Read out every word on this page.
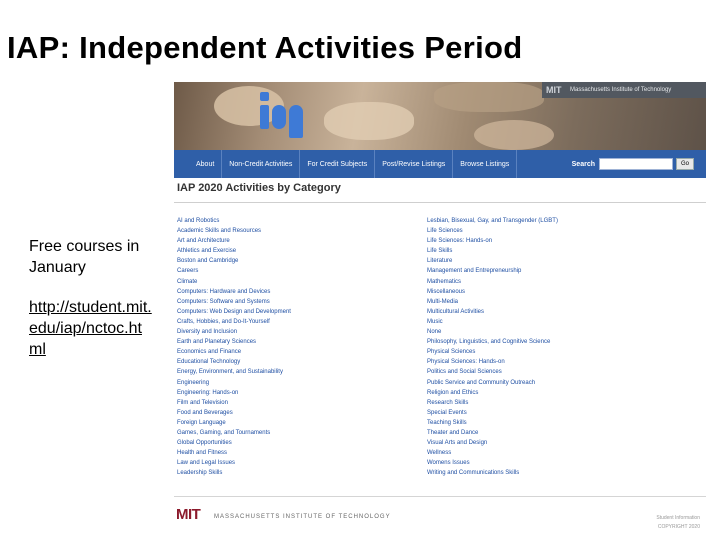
IAP: Independent Activities Period
Free courses in January
http://student.mit.edu/iap/nctoc.html
MIT Massachusetts Institute of Technology
About	Non-Credit Activities	For Credit Subjects	Post/Revise Listings	Browse Listings	Search	Go
IAP 2020 Activities by Category
AI and Robotics
Academic Skills and Resources
Art and Architecture
Athletics and Exercise
Boston and Cambridge
Careers
Climate
Computers: Hardware and Devices
Computers: Software and Systems
Computers: Web Design and Development
Crafts, Hobbies, and Do-It-Yourself
Diversity and Inclusion
Earth and Planetary Sciences
Economics and Finance
Educational Technology
Energy, Environment, and Sustainability
Engineering
Engineering: Hands-on
Film and Television
Food and Beverages
Foreign Language
Games, Gaming, and Tournaments
Global Opportunities
Health and Fitness
Law and Legal Issues
Leadership Skills
Lesbian, Bisexual, Gay, and Transgender (LGBT)
Life Sciences
Life Sciences: Hands-on
Life Skills
Literature
Management and Entrepreneurship
Mathematics
Miscellaneous
Multi-Media
Multicultural Activities
Music
None
Philosophy, Linguistics, and Cognitive Science
Physical Sciences
Physical Sciences: Hands-on
Politics and Social Sciences
Public Service and Community Outreach
Religion and Ethics
Research Skills
Special Events
Teaching Skills
Theater and Dance
Visual Arts and Design
Wellness
Womens Issues
Writing and Communications Skills
MIT MASSACHUSETTS INSTITUTE OF TECHNOLOGY	Student Information
COPYRIGHT 2020
